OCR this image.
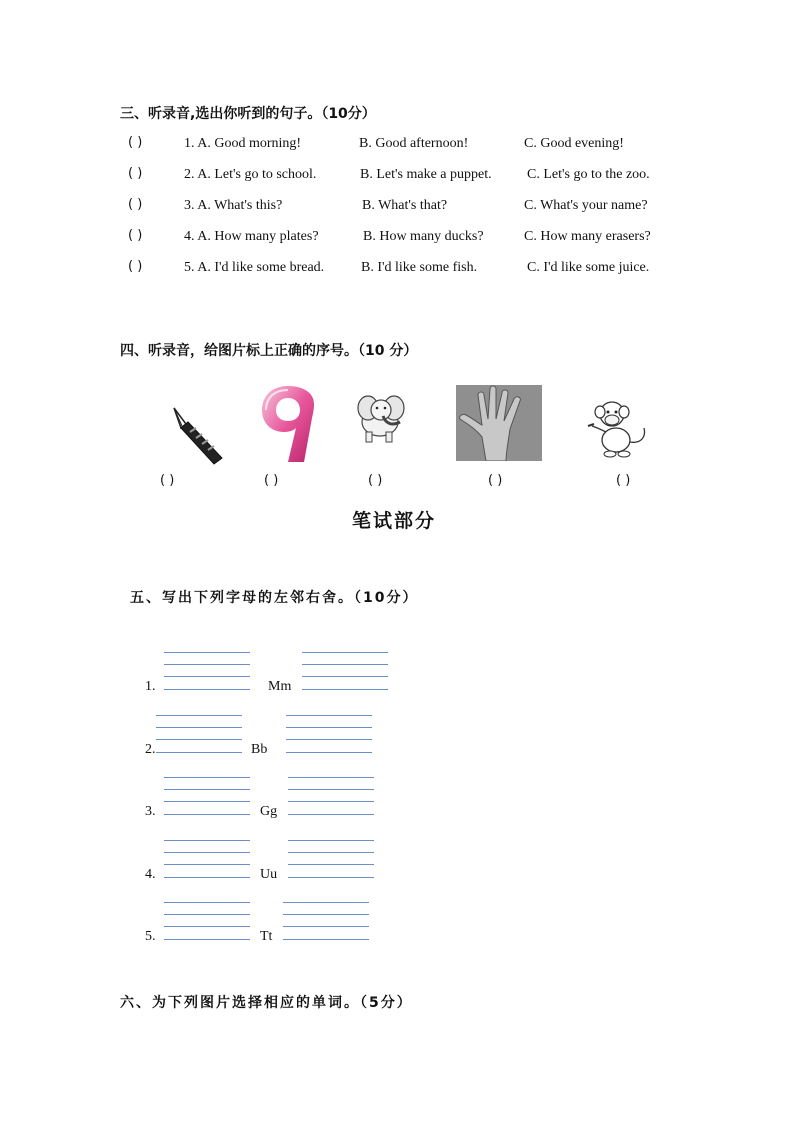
三、听录音,选出你听到的句子。（10分）
( )	1. A. Good morning!	B. Good afternoon!	C. Good evening!
( )	2. A. Let's go to school.	B. Let's make a puppet.	C. Let's go to the zoo.
( )	3. A. What's this?	B. What's that?	C. What's your name?
( )	4. A. How many plates?	B. How many ducks?	C. How many erasers?
( )	5. A. I'd like some bread.	B. I'd like some fish.	C. I'd like some juice.
四、听录音，给图片标上正确的序号。（10 分）
( )	( )	( )	( )	( )
笔试部分
五、写出下列字母的左邻右舍。（10分）
1.	Mm
2.	Bb
3.	Gg
4.	Uu
5.	Tt
六、为下列图片选择相应的单词。（5分）
